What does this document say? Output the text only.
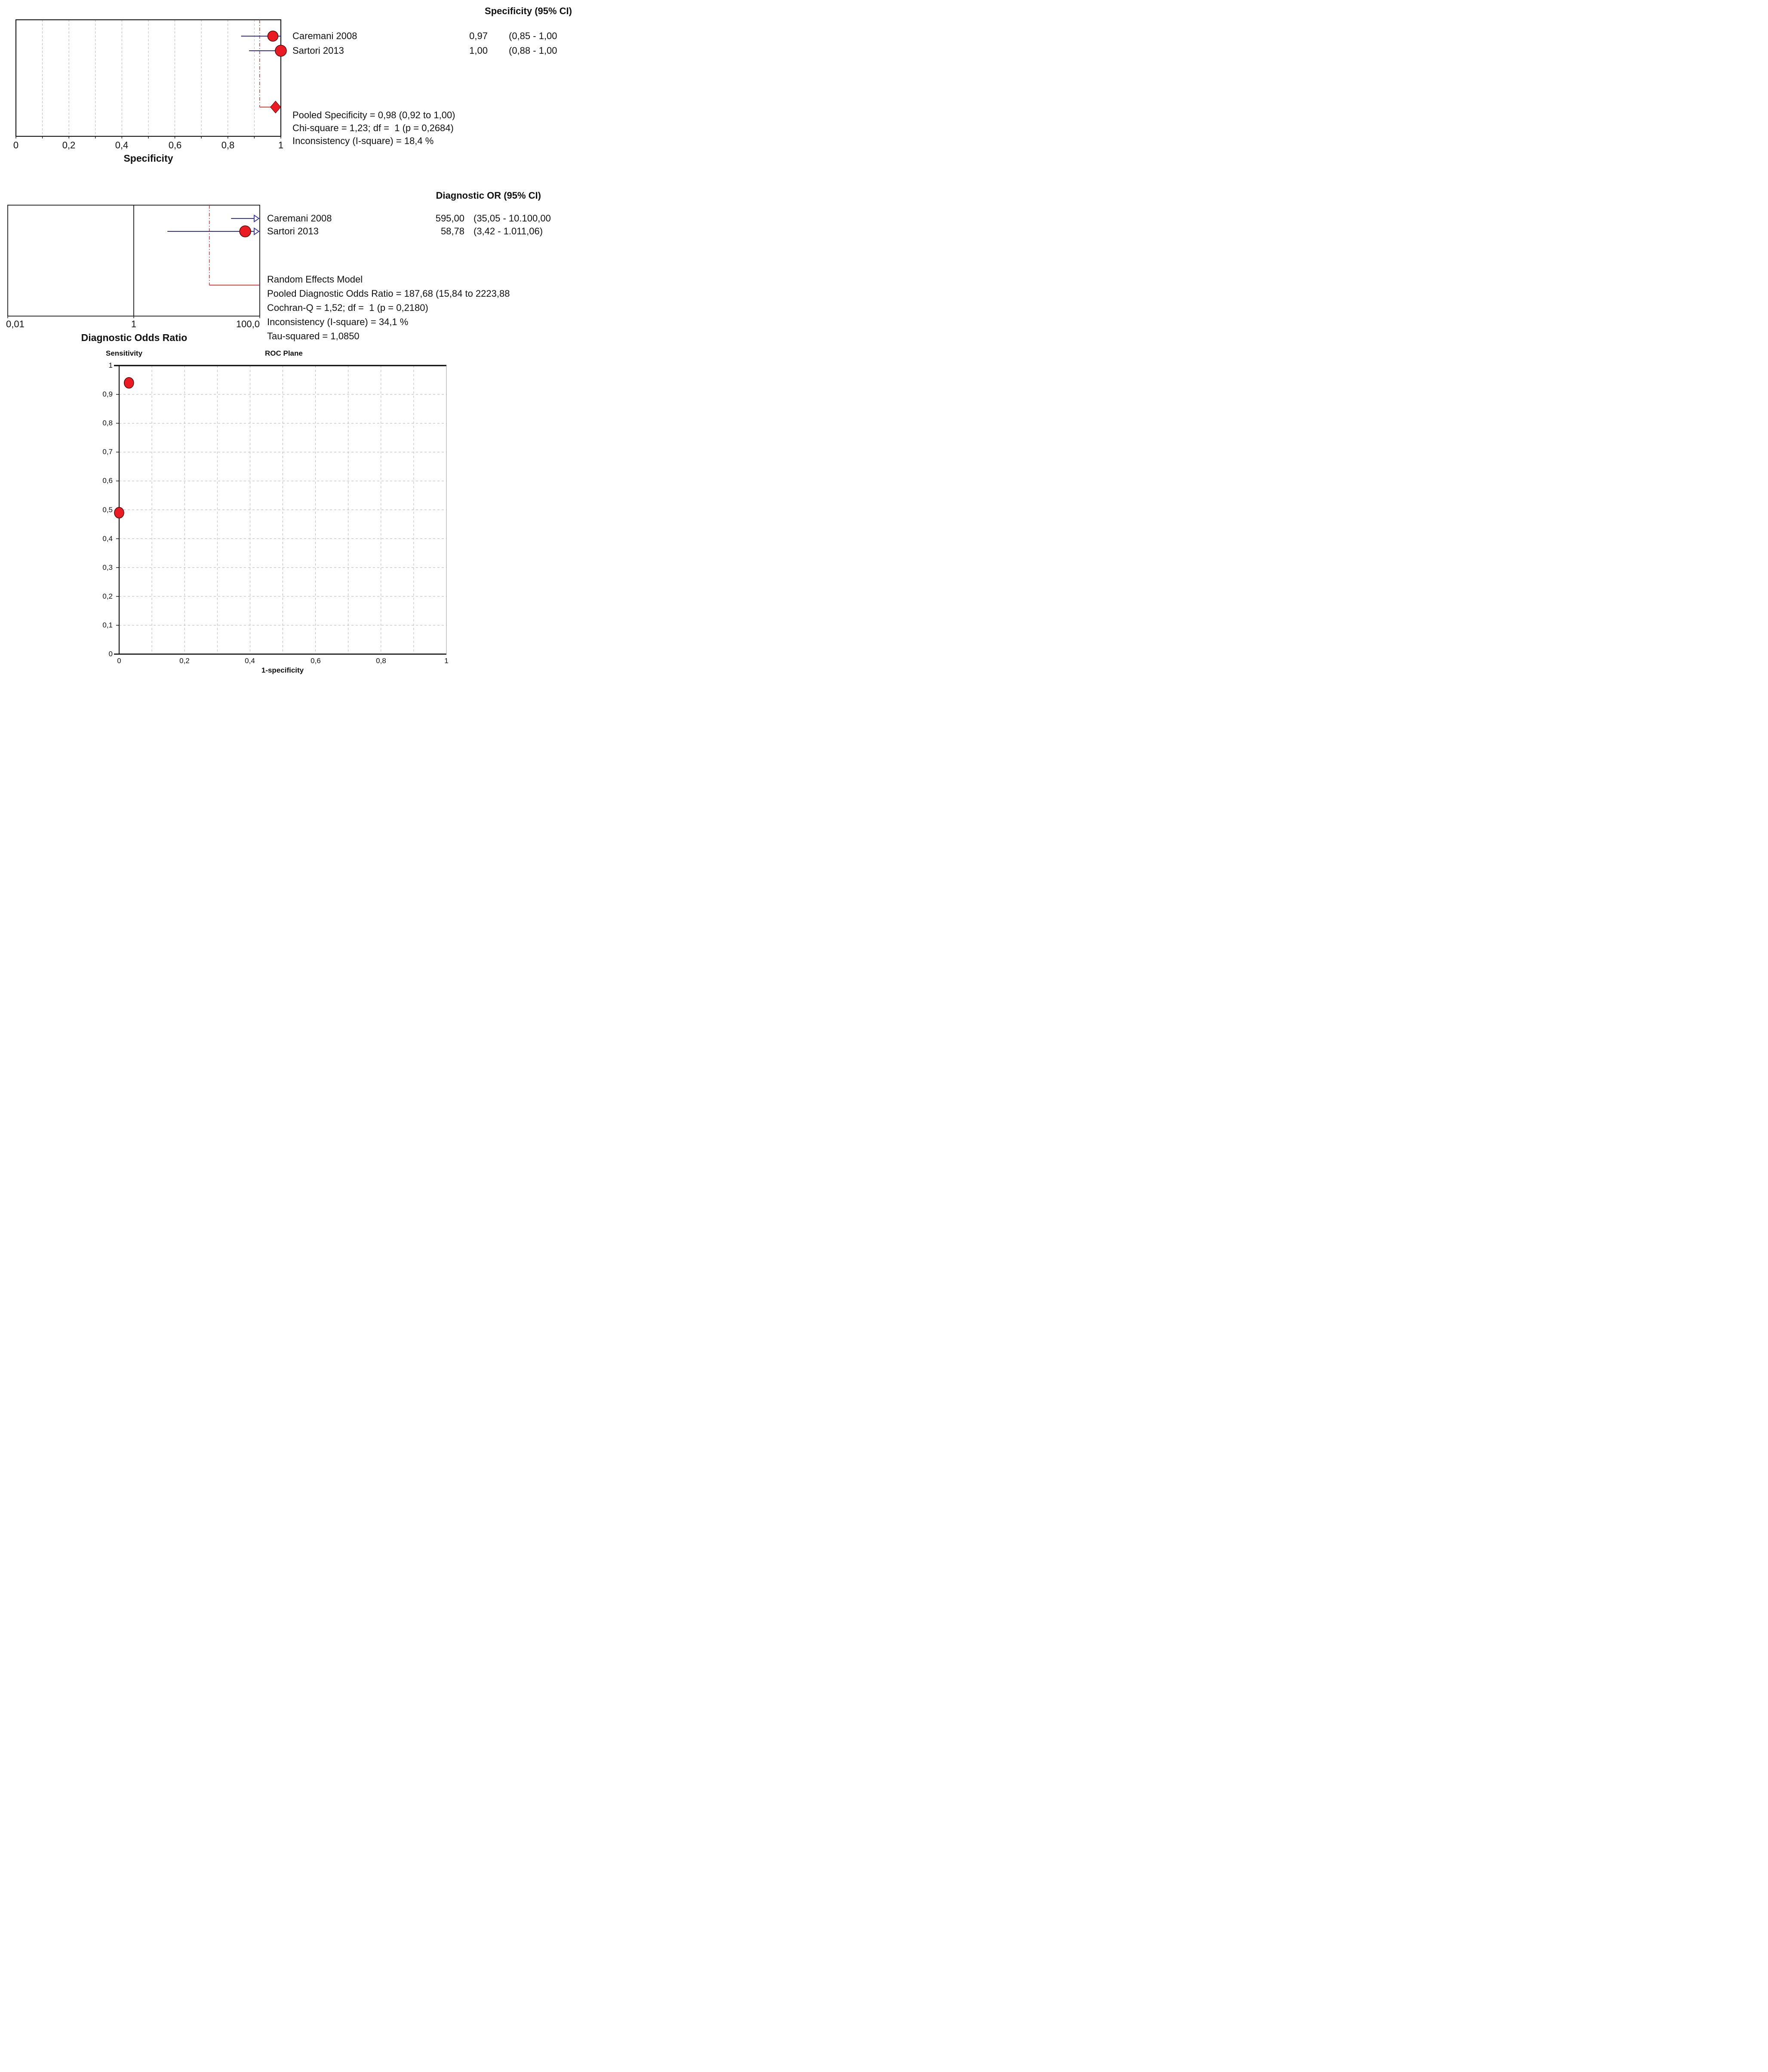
Specificity (95% CI)
Caremani 2008	0,97 (0,85 - 1,00
Sartori 2013	1,00 (0,88 - 1,00
Pooled Specificity = 0,98 (0,92 to 1,00)
Chi-square = 1,23; df =  1 (p = 0,2684)
Inconsistency (I-square) = 18,4 %
0	0,2	0,4	0,6	0,8	1
Specificity
Diagnostic OR (95% CI)
Caremani 2008	595,00 (35,05 - 10.100,00
Sartori 2013	58,78 (3,42 - 1.011,06)
Random Effects Model
Pooled Diagnostic Odds Ratio = 187,68 (15,84 to 2223,88
Cochran-Q = 1,52; df =  1 (p = 0,2180)
Inconsistency (I-square) = 34,1 %
Tau-squared = 1,0850
0,01	1	100,0
Diagnostic Odds Ratio
Sensitivity	ROC Plane
1
0,9
0,8
0,7
0,6
0,5
0,4
0,3
0,2
0,1
0
0	0,2	0,4	0,6	0,8	1
1-specificity
